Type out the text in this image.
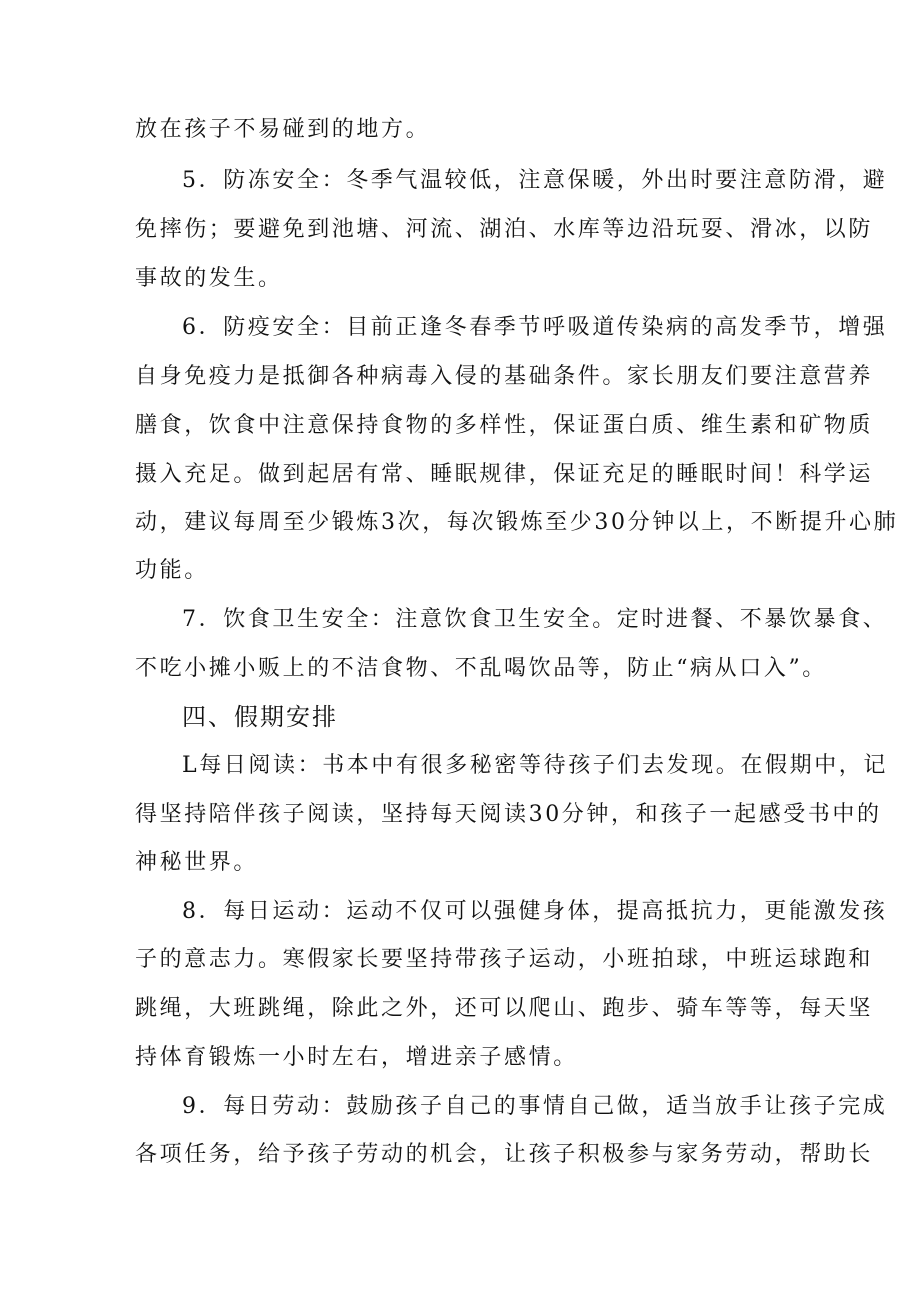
放在孩子不易碰到的地方。
5．防冻安全：冬季气温较低，注意保暖，外出时要注意防滑，避
免摔伤；要避免到池塘、河流、湖泊、水库等边沿玩耍、滑冰，以防
事故的发生。
6．防疫安全：目前正逢冬春季节呼吸道传染病的高发季节，增强
自身免疫力是抵御各种病毒入侵的基础条件。家长朋友们要注意营养
膳食，饮食中注意保持食物的多样性，保证蛋白质、维生素和矿物质
摄入充足。做到起居有常、睡眠规律，保证充足的睡眠时间！科学运
动，建议每周至少锻炼3次，每次锻炼至少30分钟以上，不断提升心肺
功能。
7．饮食卫生安全：注意饮食卫生安全。定时进餐、不暴饮暴食、
不吃小摊小贩上的不洁食物、不乱喝饮品等，防止“病从口入”。
四、假期安排
L每日阅读：书本中有很多秘密等待孩子们去发现。在假期中，记
得坚持陪伴孩子阅读，坚持每天阅读30分钟，和孩子一起感受书中的
神秘世界。
8．每日运动：运动不仅可以强健身体，提高抵抗力，更能激发孩
子的意志力。寒假家长要坚持带孩子运动，小班拍球，中班运球跑和
跳绳，大班跳绳，除此之外，还可以爬山、跑步、骑车等等，每天坚
持体育锻炼一小时左右，增进亲子感情。
9．每日劳动：鼓励孩子自己的事情自己做，适当放手让孩子完成
各项任务，给予孩子劳动的机会，让孩子积极参与家务劳动，帮助长
